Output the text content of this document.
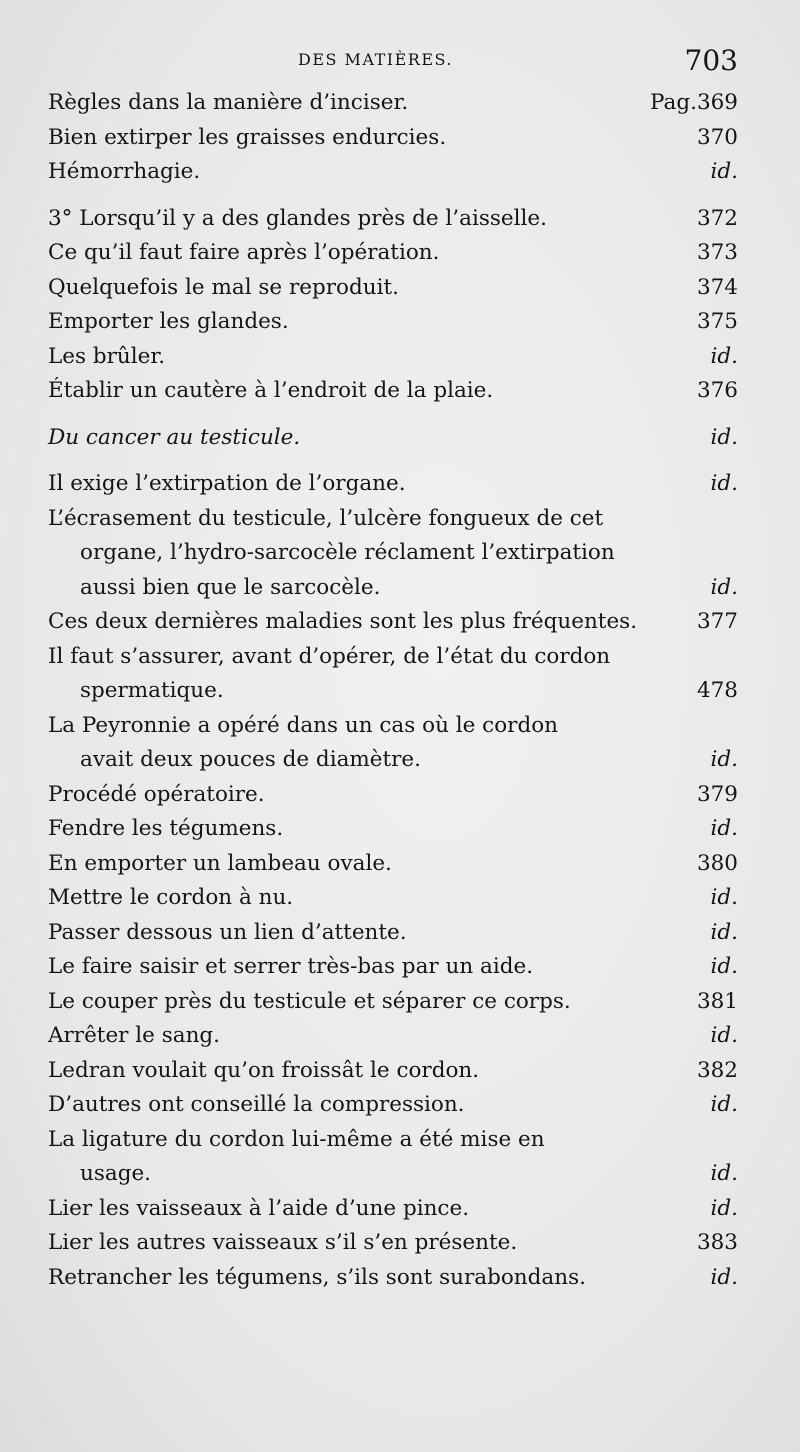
DES MATIÈRES.	703
Règles dans la manière d’inciser.	Pag.369
Bien extirper les graisses endurcies.	370
Hémorrhagie.	id.
3° Lorsqu’il y a des glandes près de l’aisselle.	372
Ce qu’il faut faire après l’opération.	373
Quelquefois le mal se reproduit.	374
Emporter les glandes.	375
Les brûler.	id.
Établir un cautère à l’endroit de la plaie.	376
Du cancer au testicule.	id.
Il exige l’extirpation de l’organe.	id.
L’écrasement du testicule, l’ulcère fongueux de cet
organe, l’hydro-sarcocèle réclament l’extirpation
aussi bien que le sarcocèle.	id.
Ces deux dernières maladies sont les plus fréquentes.	377
Il faut s’assurer, avant d’opérer, de l’état du cordon
spermatique.	478
La Peyronnie a opéré dans un cas où le cordon
avait deux pouces de diamètre.	id.
Procédé opératoire.	379
Fendre les tégumens.	id.
En emporter un lambeau ovale.	380
Mettre le cordon à nu.	id.
Passer dessous un lien d’attente.	id.
Le faire saisir et serrer très-bas par un aide.	id.
Le couper près du testicule et séparer ce corps.	381
Arrêter le sang.	id.
Ledran voulait qu’on froissât le cordon.	382
D’autres ont conseillé la compression.	id.
La ligature du cordon lui-même a été mise en
usage.	id.
Lier les vaisseaux à l’aide d’une pince.	id.
Lier les autres vaisseaux s’il s’en présente.	383
Retrancher les tégumens, s’ils sont surabondans.	id.
